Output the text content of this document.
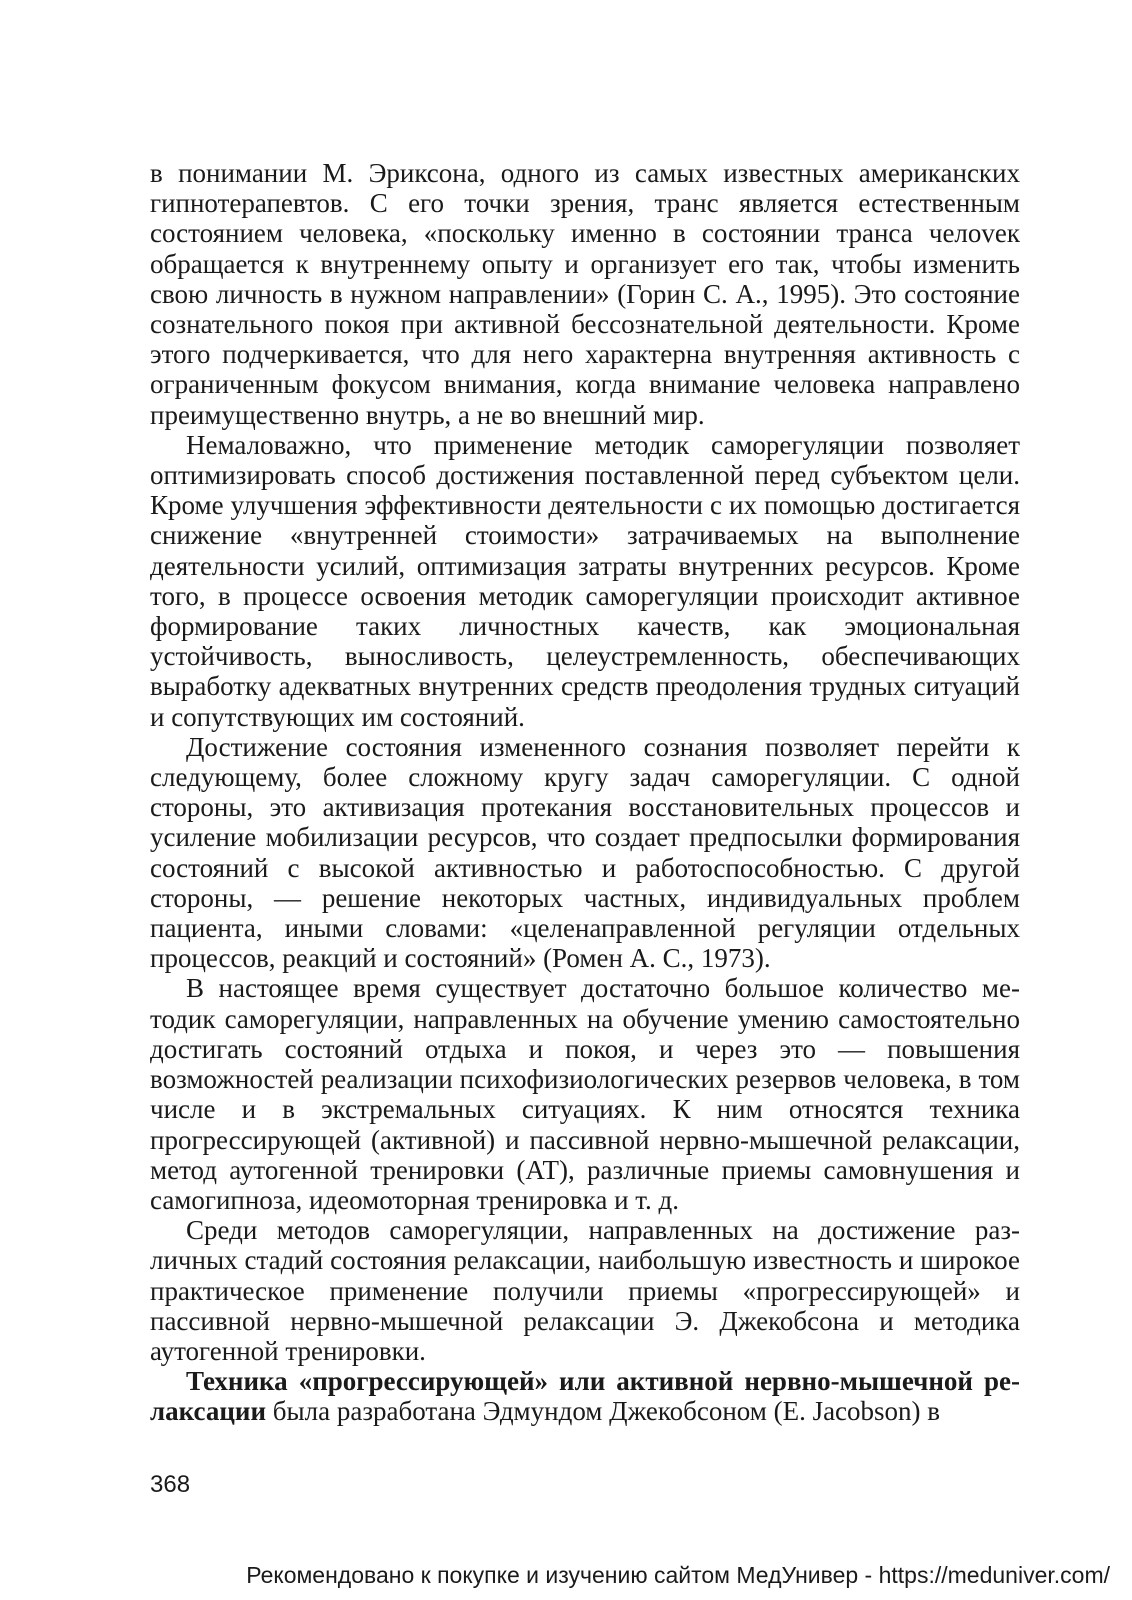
в понимании М. Эриксона, одного из самых известных американских гипнотерапевтов. С его точки зрения, транс является естественным состоянием человека, «поскольку именно в состоянии транса челоvек обращается к внутреннему опыту и организует его так, чтобы изменить свою личность в нужном направлении» (Горин С. А., 1995). Это состояние сознательного покоя при активной бессознательной деятельности. Кроме этого подчеркивается, что для него характерна внутренняя активность с ограниченным фокусом внимания, когда внимание человека направлено преимущественно внутрь, а не во внешний мир.

Немаловажно, что применение методик саморегуляции позволяет оптимизировать способ достижения поставленной перед субъектом цели. Кроме улучшения эффективности деятельности с их помощью достигается снижение «внутренней стоимости» затрачиваемых на выполнение деятельности усилий, оптимизация затраты внутренних ресурсов. Кроме того, в процессе освоения методик саморегуляции происходит активное формирование таких личностных качеств, как эмоциональная устойчивость, выносливость, целеустремленность, обеспечивающих выработку адекватных внутренних средств преодоления трудных ситуаций и сопутствующих им состояний.

Достижение состояния измененного сознания позволяет перейти к следующему, более сложному кругу задач саморегуляции. С одной стороны, это активизация протекания восстановительных процессов и усиление мобилизации ресурсов, что создает предпосылки формирования состояний с высокой активностью и работоспособностью. С другой стороны, — решение некоторых частных, индивидуальных проблем пациента, иными словами: «целенаправленной регуляции отдельных процессов, реакций и состояний» (Ромен А. С., 1973).

В настоящее время существует достаточно большое количество методик саморегуляции, направленных на обучение умению самостоятельно достигать состояний отдыха и покоя, и через это — повышения возможностей реализации психофизиологических резервов человека, в том числе и в экстремальных ситуациях. К ним относятся техника прогрессирующей (активной) и пассивной нервно-мышечной релаксации, метод аутогенной тренировки (АТ), различные приемы самовнушения и самогипноза, идеомоторная тренировка и т. д.

Среди методов саморегуляции, направленных на достижение различных стадий состояния релаксации, наибольшую известность и широкое практическое применение получили приемы «прогрессирующей» и пассивной нервно-мышечной релаксации Э. Джекобсона и методика аутогенной тренировки.

Техника «прогрессирующей» или активной нервно-мышечной релаксации была разработана Эдмундом Джекобсоном (E. Jacobson) в

368
Рекомендовано к покупке и изучению сайтом МедУнивер - https://meduniver.com/
